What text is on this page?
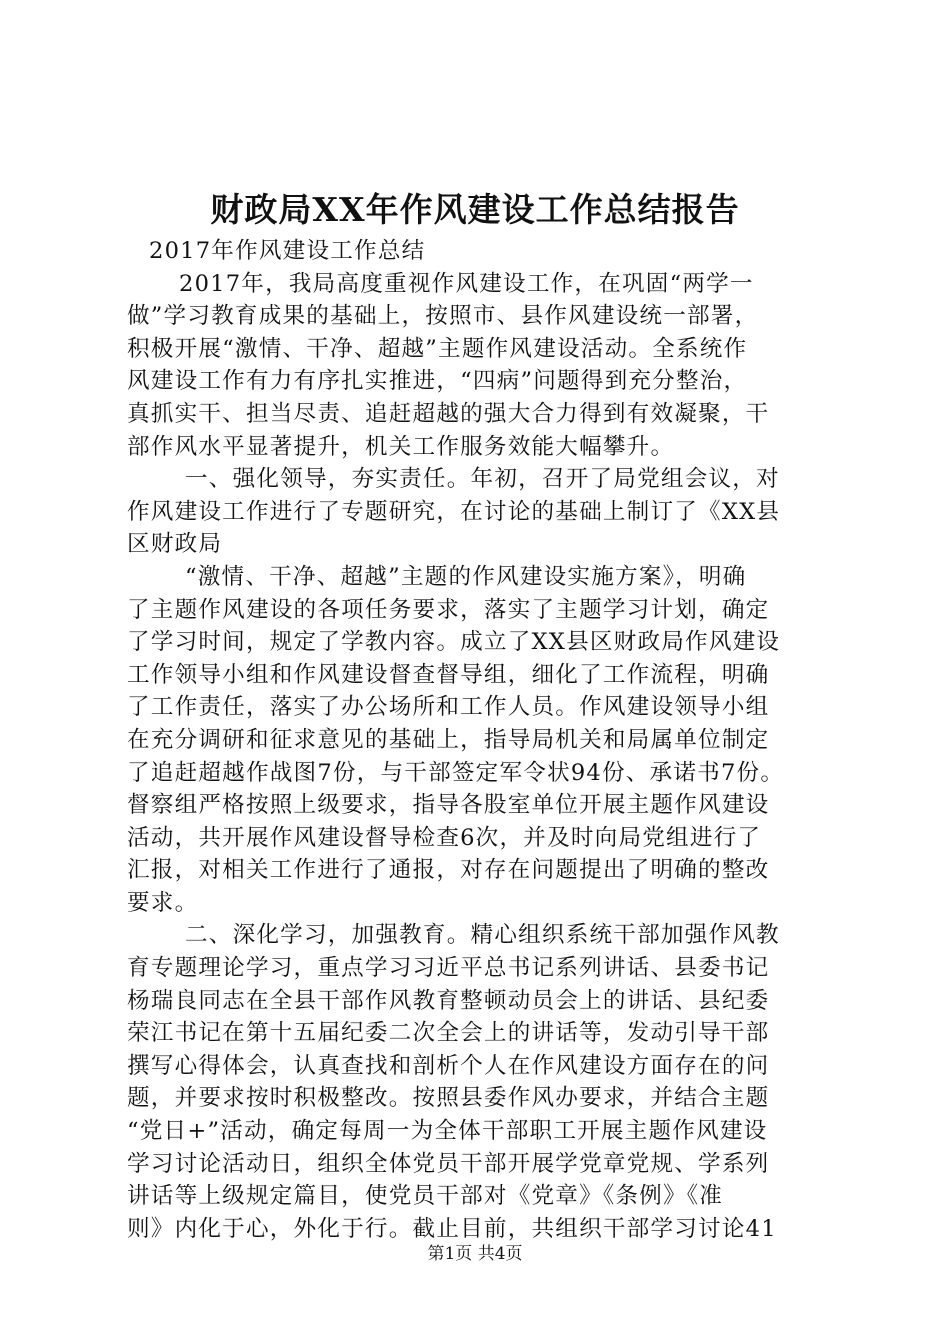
财政局XX年作风建设工作总结报告
2017年作风建设工作总结
2017年，我局高度重视作风建设工作，在巩固“两学一
做”学习教育成果的基础上，按照市、县作风建设统一部署，
积极开展“激情、干净、超越”主题作风建设活动。全系统作
风建设工作有力有序扎实推进，“四病”问题得到充分整治，
真抓实干、担当尽责、追赶超越的强大合力得到有效凝聚，干
部作风水平显著提升，机关工作服务效能大幅攀升。
一、强化领导，夯实责任。年初，召开了局党组会议，对
作风建设工作进行了专题研究，在讨论的基础上制订了《XX县
区财政局
“激情、干净、超越”主题的作风建设实施方案》，明确
了主题作风建设的各项任务要求，落实了主题学习计划，确定
了学习时间，规定了学教内容。成立了XX县区财政局作风建设
工作领导小组和作风建设督查督导组，细化了工作流程，明确
了工作责任，落实了办公场所和工作人员。作风建设领导小组
在充分调研和征求意见的基础上，指导局机关和局属单位制定
了追赶超越作战图7份，与干部签定军令状94份、承诺书7份。
督察组严格按照上级要求，指导各股室单位开展主题作风建设
活动，共开展作风建设督导检查6次，并及时向局党组进行了
汇报，对相关工作进行了通报，对存在问题提出了明确的整改
要求。
二、深化学习，加强教育。精心组织系统干部加强作风教
育专题理论学习，重点学习习近平总书记系列讲话、县委书记
杨瑞良同志在全县干部作风教育整顿动员会上的讲话、县纪委
荣江书记在第十五届纪委二次全会上的讲话等，发动引导干部
撰写心得体会，认真查找和剖析个人在作风建设方面存在的问
题，并要求按时积极整改。按照县委作风办要求，并结合主题
“党日+”活动，确定每周一为全体干部职工开展主题作风建设
学习讨论活动日，组织全体党员干部开展学党章党规、学系列
讲话等上级规定篇目，使党员干部对《党章》《条例》《准
则》内化于心，外化于行。截止目前，共组织干部学习讨论41
第1页 共4页
